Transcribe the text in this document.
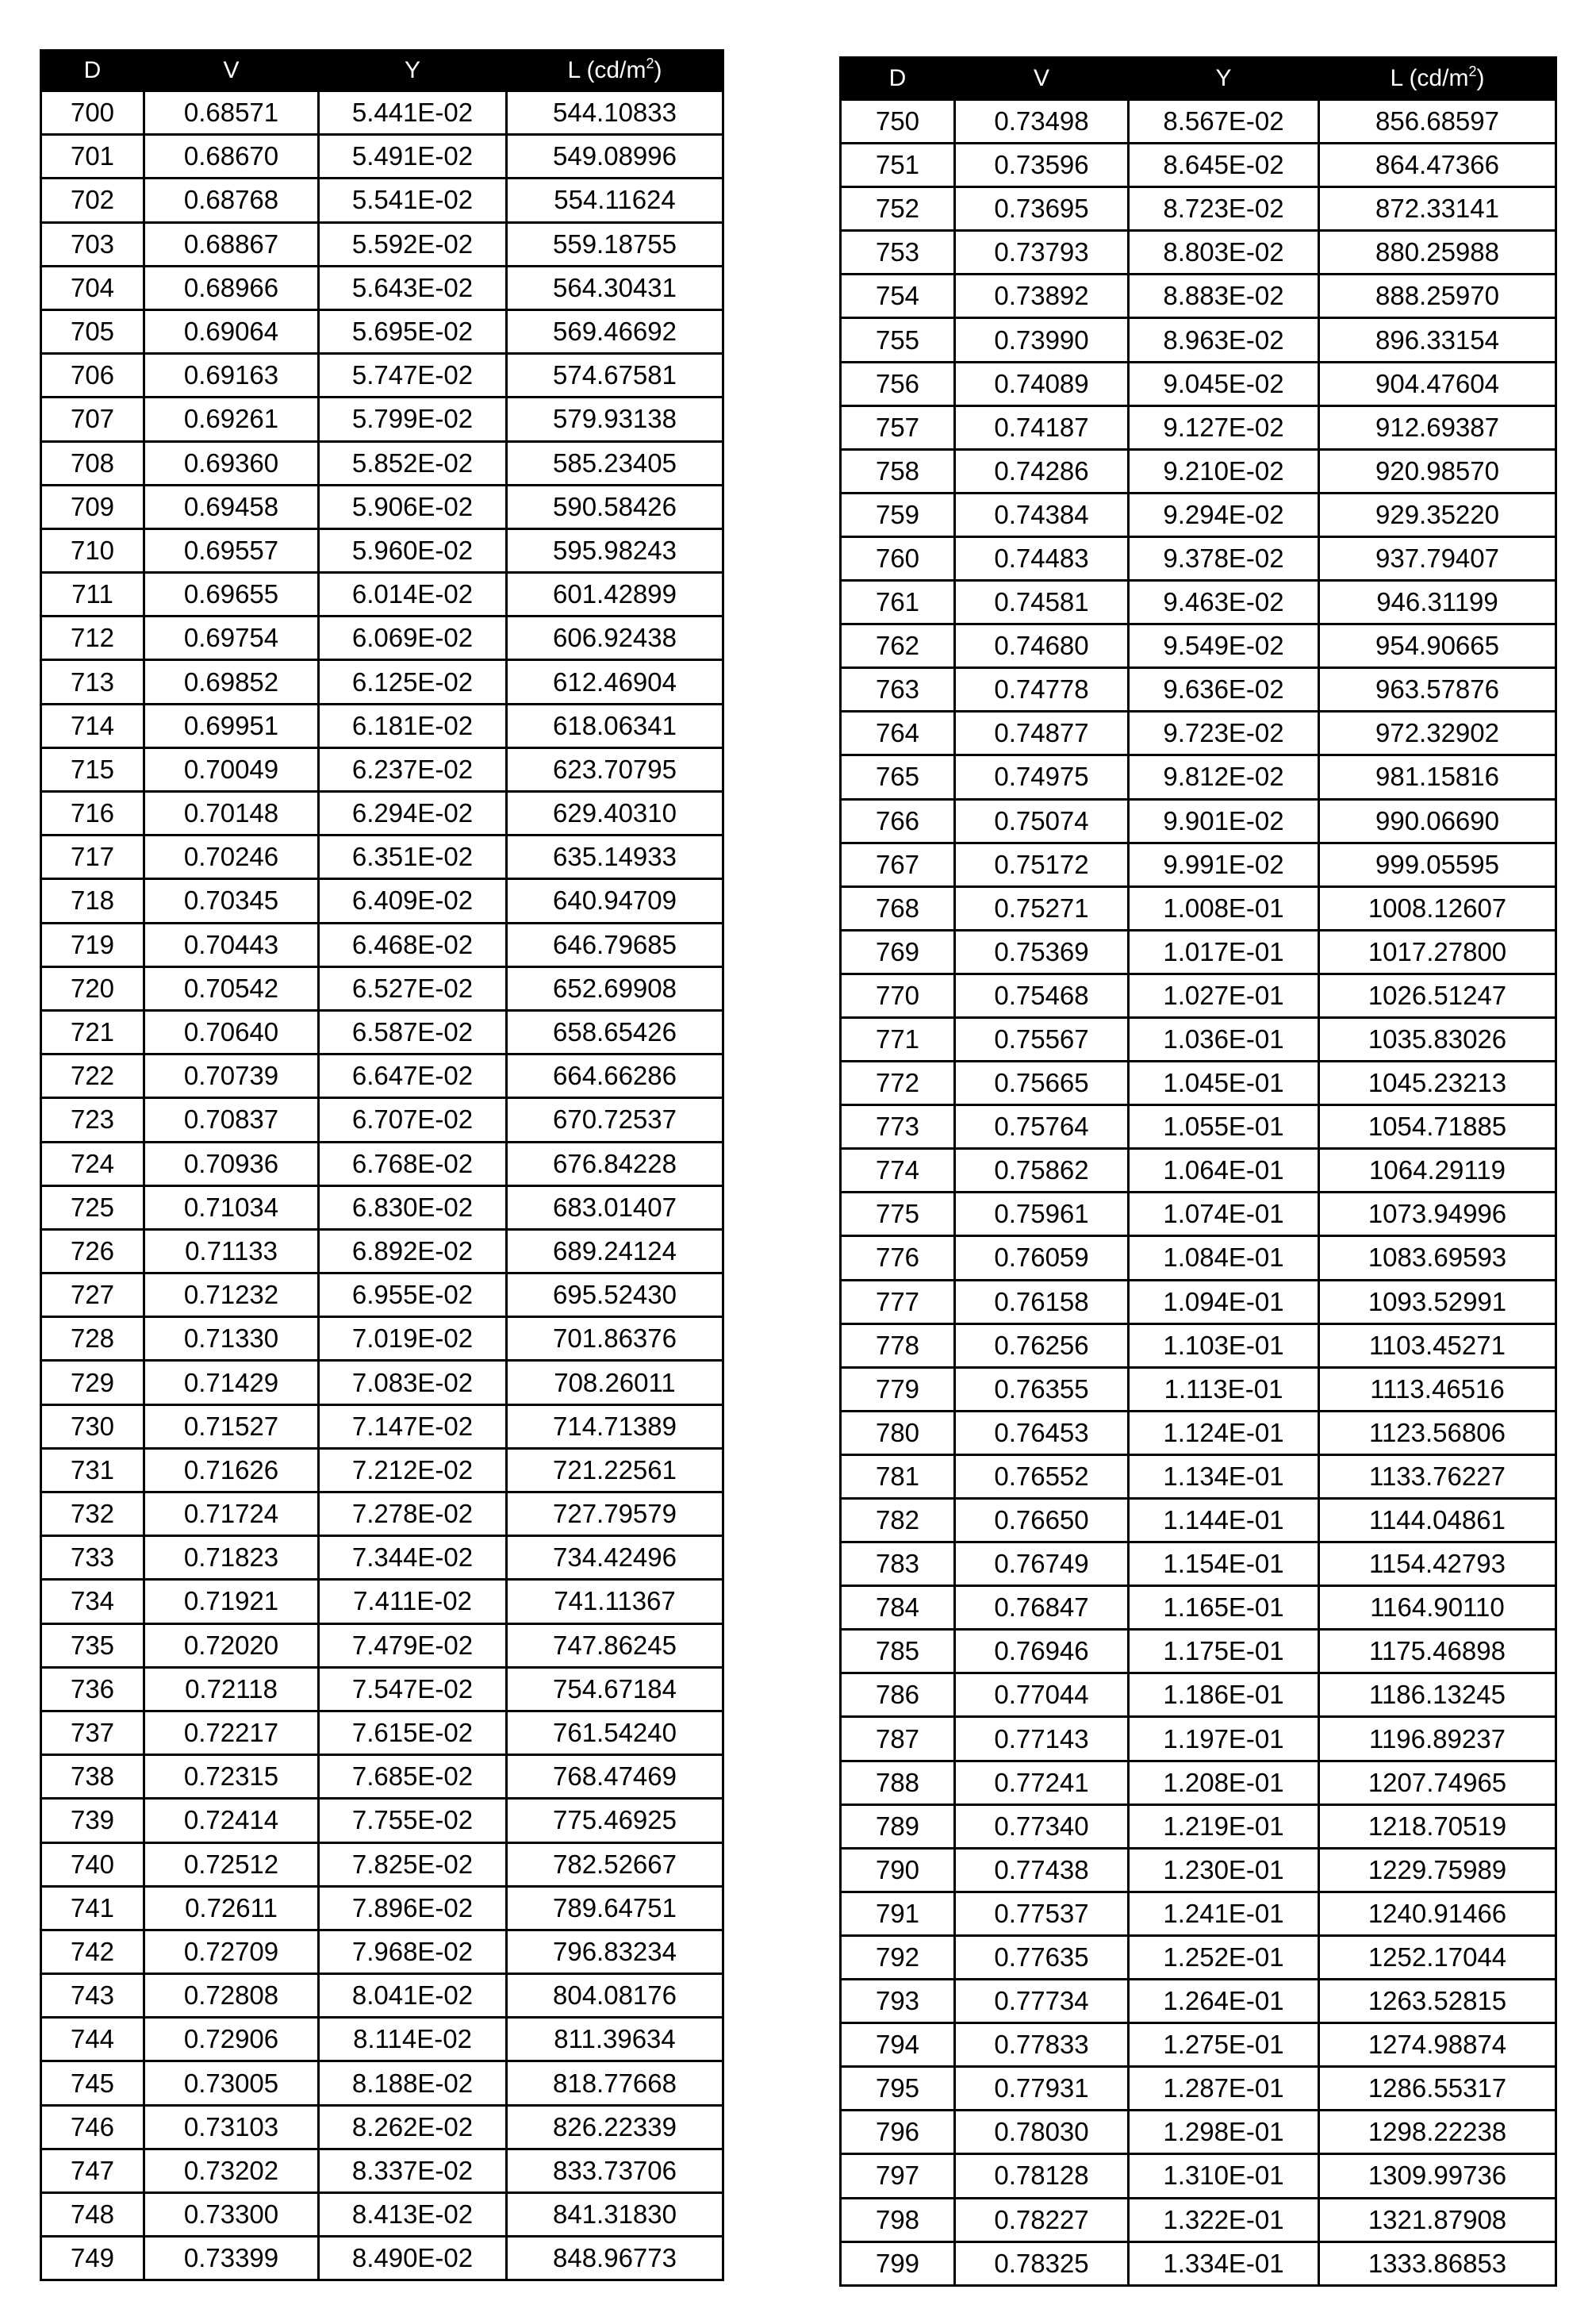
D	V	Y	L $(cd/m^2)$
700	0.68571	5.441E-02	544.10833
701	0.68670	5.491E-02	549.08996
702	0.68768	5.541E-02	554.11624
703	0.68867	5.592E-02	559.18755
704	0.68966	5.643E-02	564.30431
705	0.69064	5.695E-02	569.46692
706	0.69163	5.747E-02	574.67581
707	0.69261	5.799E-02	579.93138
708	0.69360	5.852E-02	585.23405
709	0.69458	5.906E-02	590.58426
710	0.69557	5.960E-02	595.98243
711	0.69655	6.014E-02	601.42899
712	0.69754	6.069E-02	606.92438
713	0.69852	6.125E-02	612.46904
714	0.69951	6.181E-02	618.06341
715	0.70049	6.237E-02	623.70795
716	0.70148	6.294E-02	629.40310
717	0.70246	6.351E-02	635.14933
718	0.70345	6.409E-02	640.94709
719	0.70443	6.468E-02	646.79685
720	0.70542	6.527E-02	652.69908
721	0.70640	6.587E-02	658.65426
722	0.70739	6.647E-02	664.66286
723	0.70837	6.707E-02	670.72537
724	0.70936	6.768E-02	676.84228
725	0.71034	6.830E-02	683.01407
726	0.71133	6.892E-02	689.24124
727	0.71232	6.955E-02	695.52430
728	0.71330	7.019E-02	701.86376
729	0.71429	7.083E-02	708.26011
730	0.71527	7.147E-02	714.71389
731	0.71626	7.212E-02	721.22561
732	0.71724	7.278E-02	727.79579
733	0.71823	7.344E-02	734.42496
734	0.71921	7.411E-02	741.11367
735	0.72020	7.479E-02	747.86245
736	0.72118	7.547E-02	754.67184
737	0.72217	7.615E-02	761.54240
738	0.72315	7.685E-02	768.47469
739	0.72414	7.755E-02	775.46925
740	0.72512	7.825E-02	782.52667
741	0.72611	7.896E-02	789.64751
742	0.72709	7.968E-02	796.83234
743	0.72808	8.041E-02	804.08176
744	0.72906	8.114E-02	811.39634
745	0.73005	8.188E-02	818.77668
746	0.73103	8.262E-02	826.22339
747	0.73202	8.337E-02	833.73706
748	0.73300	8.413E-02	841.31830
749	0.73399	8.490E-02	848.96773
D	V	Y	L $(cd/m^2)$
750	0.73498	8.567E-02	856.68597
751	0.73596	8.645E-02	864.47366
752	0.73695	8.723E-02	872.33141
753	0.73793	8.803E-02	880.25988
754	0.73892	8.883E-02	888.25970
755	0.73990	8.963E-02	896.33154
756	0.74089	9.045E-02	904.47604
757	0.74187	9.127E-02	912.69387
758	0.74286	9.210E-02	920.98570
759	0.74384	9.294E-02	929.35220
760	0.74483	9.378E-02	937.79407
761	0.74581	9.463E-02	946.31199
762	0.74680	9.549E-02	954.90665
763	0.74778	9.636E-02	963.57876
764	0.74877	9.723E-02	972.32902
765	0.74975	9.812E-02	981.15816
766	0.75074	9.901E-02	990.06690
767	0.75172	9.991E-02	999.05595
768	0.75271	1.008E-01	1008.12607
769	0.75369	1.017E-01	1017.27800
770	0.75468	1.027E-01	1026.51247
771	0.75567	1.036E-01	1035.83026
772	0.75665	1.045E-01	1045.23213
773	0.75764	1.055E-01	1054.71885
774	0.75862	1.064E-01	1064.29119
775	0.75961	1.074E-01	1073.94996
776	0.76059	1.084E-01	1083.69593
777	0.76158	1.094E-01	1093.52991
778	0.76256	1.103E-01	1103.45271
779	0.76355	1.113E-01	1113.46516
780	0.76453	1.124E-01	1123.56806
781	0.76552	1.134E-01	1133.76227
782	0.76650	1.144E-01	1144.04861
783	0.76749	1.154E-01	1154.42793
784	0.76847	1.165E-01	1164.90110
785	0.76946	1.175E-01	1175.46898
786	0.77044	1.186E-01	1186.13245
787	0.77143	1.197E-01	1196.89237
788	0.77241	1.208E-01	1207.74965
789	0.77340	1.219E-01	1218.70519
790	0.77438	1.230E-01	1229.75989
791	0.77537	1.241E-01	1240.91466
792	0.77635	1.252E-01	1252.17044
793	0.77734	1.264E-01	1263.52815
794	0.77833	1.275E-01	1274.98874
795	0.77931	1.287E-01	1286.55317
796	0.78030	1.298E-01	1298.22238
797	0.78128	1.310E-01	1309.99736
798	0.78227	1.322E-01	1321.87908
799	0.78325	1.334E-01	1333.86853
